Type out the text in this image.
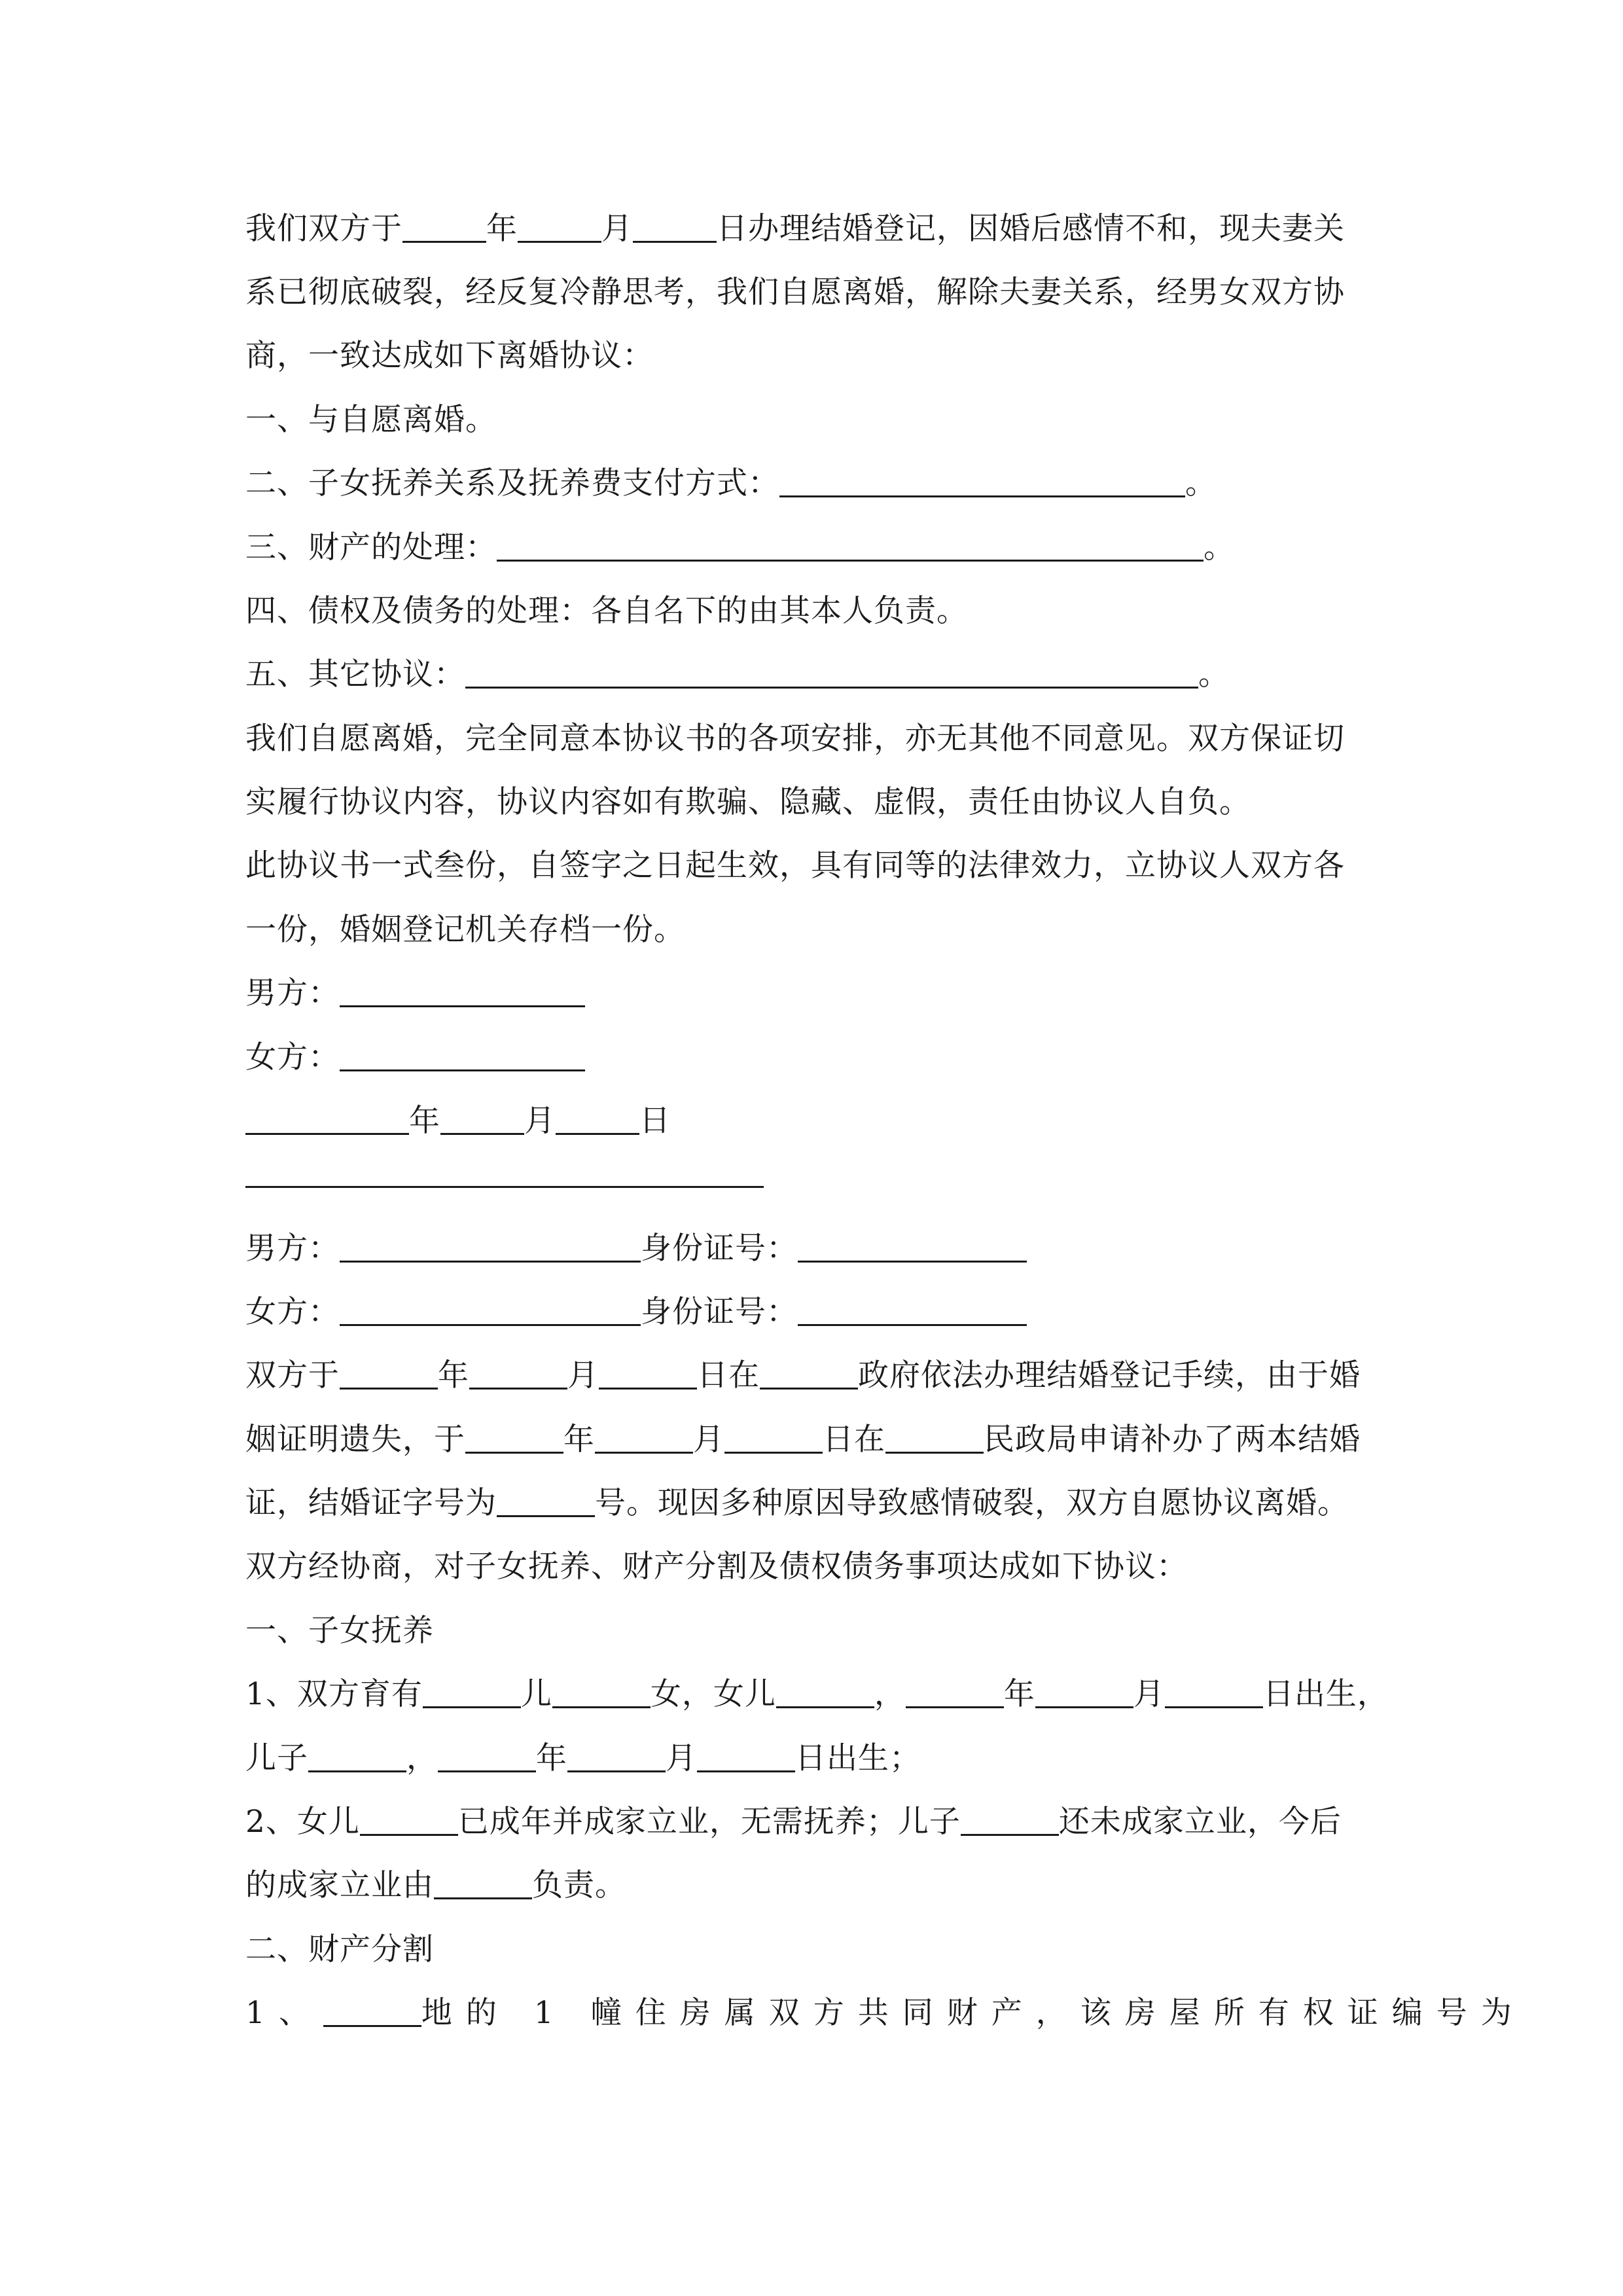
我们双方于	年	月	日办理结婚登记，因婚后感情不和，现夫妻关
系已彻底破裂，经反复冷静思考，我们自愿离婚，解除夫妻关系，经男女双方协
商，一致达成如下离婚协议：
一、与自愿离婚。
二、子女抚养关系及抚养费支付方式：	。
三、财产的处理：	。
四、债权及债务的处理：各自名下的由其本人负责。
五、其它协议：	。
我们自愿离婚，完全同意本协议书的各项安排，亦无其他不同意见。双方保证切
实履行协议内容，协议内容如有欺骗、隐藏、虚假，责任由协议人自负。
此协议书一式叁份，自签字之日起生效，具有同等的法律效力，立协议人双方各
一份，婚姻登记机关存档一份。
男方：
女方：
年	月	日
男方：	身份证号：
女方：	身份证号：
双方于	年	月	日在	政府依法办理结婚登记手续，由于婚
姻证明遗失，于	年	月	日在	民政局申请补办了两本结婚
证，结婚证字号为	号。现因多种原因导致感情破裂，双方自愿协议离婚。
双方经协商，对子女抚养、财产分割及债权债务事项达成如下协议：
一、子女抚养
1、双方育有	儿	女，女儿	，	年	月	日出生，
儿子	，	年	月	日出生；
2、女儿	已成年并成家立业，无需抚养；儿子	还未成家立业，今后
的成家立业由	负责。
二、财产分割
1、	地的 1 幢住房属双方共同财产，该房屋所有权证编号为
